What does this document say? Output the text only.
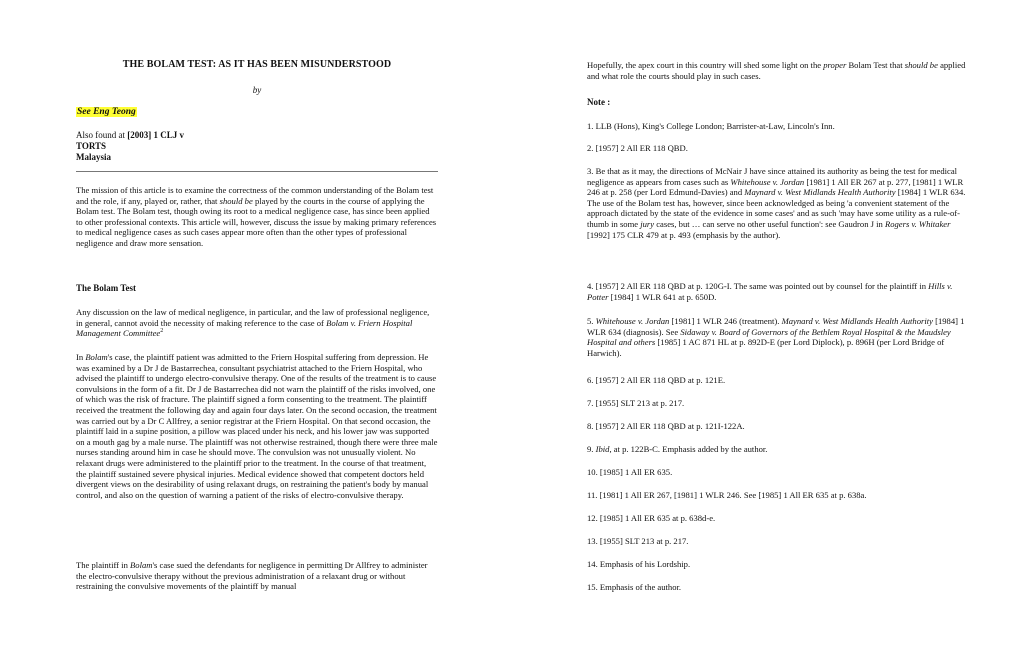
THE BOLAM TEST: AS IT HAS BEEN MISUNDERSTOOD
by
See Eng Teong
Also found at [2003] 1 CLJ v
TORTS
Malaysia

The mission of this article is to examine the correctness of the common understanding of the Bolam test and the role, if any, played or, rather, that should be played by the courts in the course of applying the Bolam test. The Bolam test, though owing its root to a medical negligence case, has since been applied to other professional contexts. This article will, however, discuss the issue by making primary references to medical negligence cases as such cases appear more often than the other types of professional negligence and draw more sensation.

The Bolam Test

Any discussion on the law of medical negligence, in particular, and the law of professional negligence, in general, cannot avoid the necessity of making reference to the case of Bolam v. Friern Hospital Management Committee$^2$

In Bolam's case, the plaintiff patient was admitted to the Friern Hospital suffering from depression. He was examined by a Dr J de Bastarrechea, consultant psychiatrist attached to the Friern Hospital, who advised the plaintiff to undergo electro-convulsive therapy. One of the results of the treatment is to cause convulsions in the form of a fit. Dr J de Bastarrechea did not warn the plaintiff of the risks involved, one of which was the risk of fracture. The plaintiff signed a form consenting to the treatment. The plaintiff received the treatment the following day and again four days later. On the second occasion, the treatment was carried out by a Dr C Allfrey, a senior registrar at the Friern Hospital. On that second occasion, the plaintiff laid in a supine position, a pillow was placed under his neck, and his lower jaw was supported on a mouth gag by a male nurse. The plaintiff was not otherwise restrained, though there were three male nurses standing around him in case he should move. The convulsion was not unusually violent. No relaxant drugs were administered to the plaintiff prior to the treatment. In the course of that treatment, the plaintiff sustained severe physical injuries. Medical evidence showed that competent doctors held divergent views on the desirability of using relaxant drugs, on restraining the patient's body by manual control, and also on the question of warning a patient of the risks of electro-convulsive therapy.

The plaintiff in Bolam's case sued the defendants for negligence in permitting Dr Allfrey to administer the electro-convulsive therapy without the previous administration of a relaxant drug or without restraining the convulsive movements of the plaintiff by manual

Hopefully, the apex court in this country will shed some light on the proper Bolam Test that should be applied and what role the courts should play in such cases.

Note :

1. LLB (Hons), King's College London; Barrister-at-Law, Lincoln's Inn.

2. [1957] 2 All ER 118 QBD.

3. Be that as it may, the directions of McNair J have since attained its authority as being the test for medical negligence as appears from cases such as Whitehouse v. Jordan [1981] 1 All ER 267 at p. 277, [1981] 1 WLR 246 at p. 258 (per Lord Edmund-Davies) and Maynard v. West Midlands Health Authority [1984] 1 WLR 634. The use of the Bolam test has, however, since been acknowledged as being 'a convenient statement of the approach dictated by the state of the evidence in some cases' and as such 'may have some utility as a rule-of-thumb in some jury cases, but … can serve no other useful function': see Gaudron J in Rogers v. Whitaker [1992] 175 CLR 479 at p. 493 (emphasis by the author).

4. [1957] 2 All ER 118 QBD at p. 120G-I. The same was pointed out by counsel for the plaintiff in Hills v. Potter [1984] 1 WLR 641 at p. 650D.

5. Whitehouse v. Jordan [1981] 1 WLR 246 (treatment). Maynard v. West Midlands Health Authority [1984] 1 WLR 634 (diagnosis). See Sidaway v. Board of Governors of the Bethlem Royal Hospital & the Maudsley Hospital and others [1985] 1 AC 871 HL at p. 892D-E (per Lord Diplock), p. 896H (per Lord Bridge of Harwich).

6. [1957] 2 All ER 118 QBD at p. 121E.

7. [1955] SLT 213 at p. 217.

8. [1957] 2 All ER 118 QBD at p. 121I-122A.

9. Ibid, at p. 122B-C. Emphasis added by the author.

10. [1985] 1 All ER 635.

11. [1981] 1 All ER 267, [1981] 1 WLR 246. See [1985] 1 All ER 635 at p. 638a.

12. [1985] 1 All ER 635 at p. 638d-e.

13. [1955] SLT 213 at p. 217.

14. Emphasis of his Lordship.

15. Emphasis of the author.
